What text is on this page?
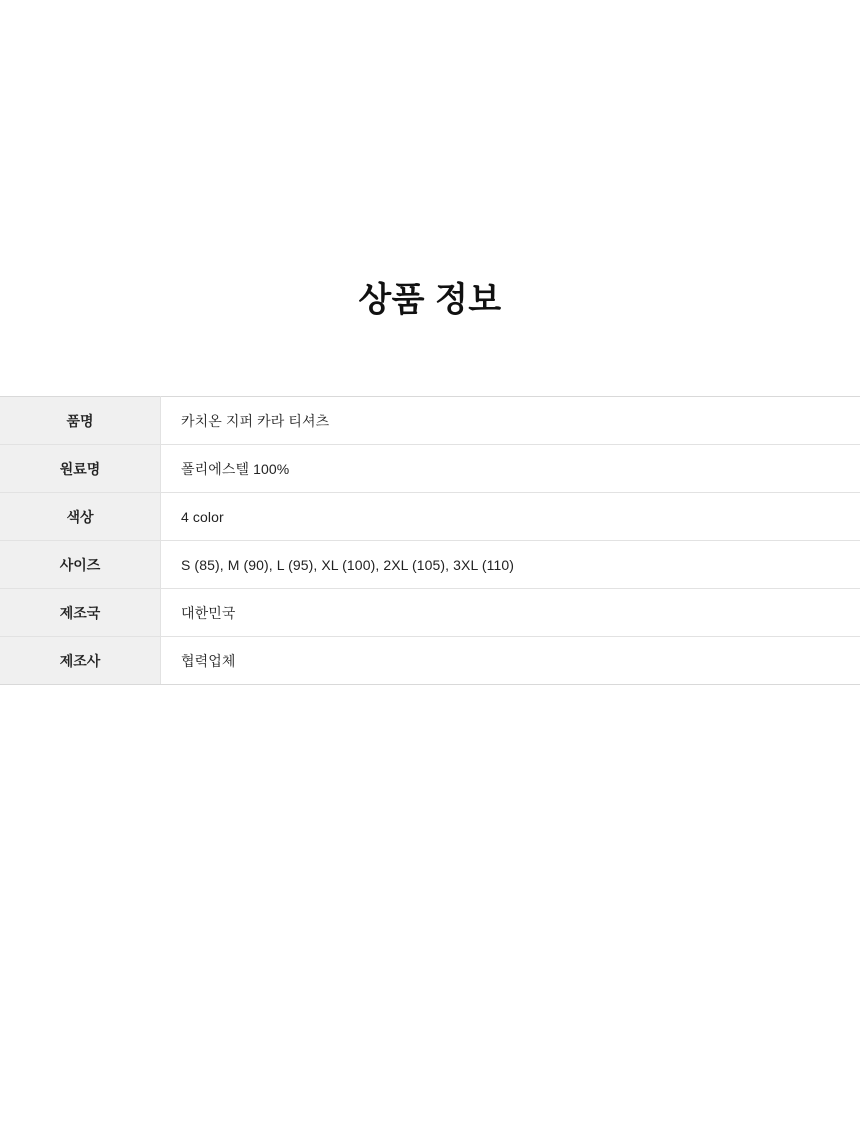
상품 정보
품명	카치온 지퍼 카라 티셔츠
원료명	폴리에스텔 100%
색상	4 color
사이즈	S (85), M (90), L (95), XL (100), 2XL (105), 3XL (110)
제조국	대한민국
제조사	협력업체
